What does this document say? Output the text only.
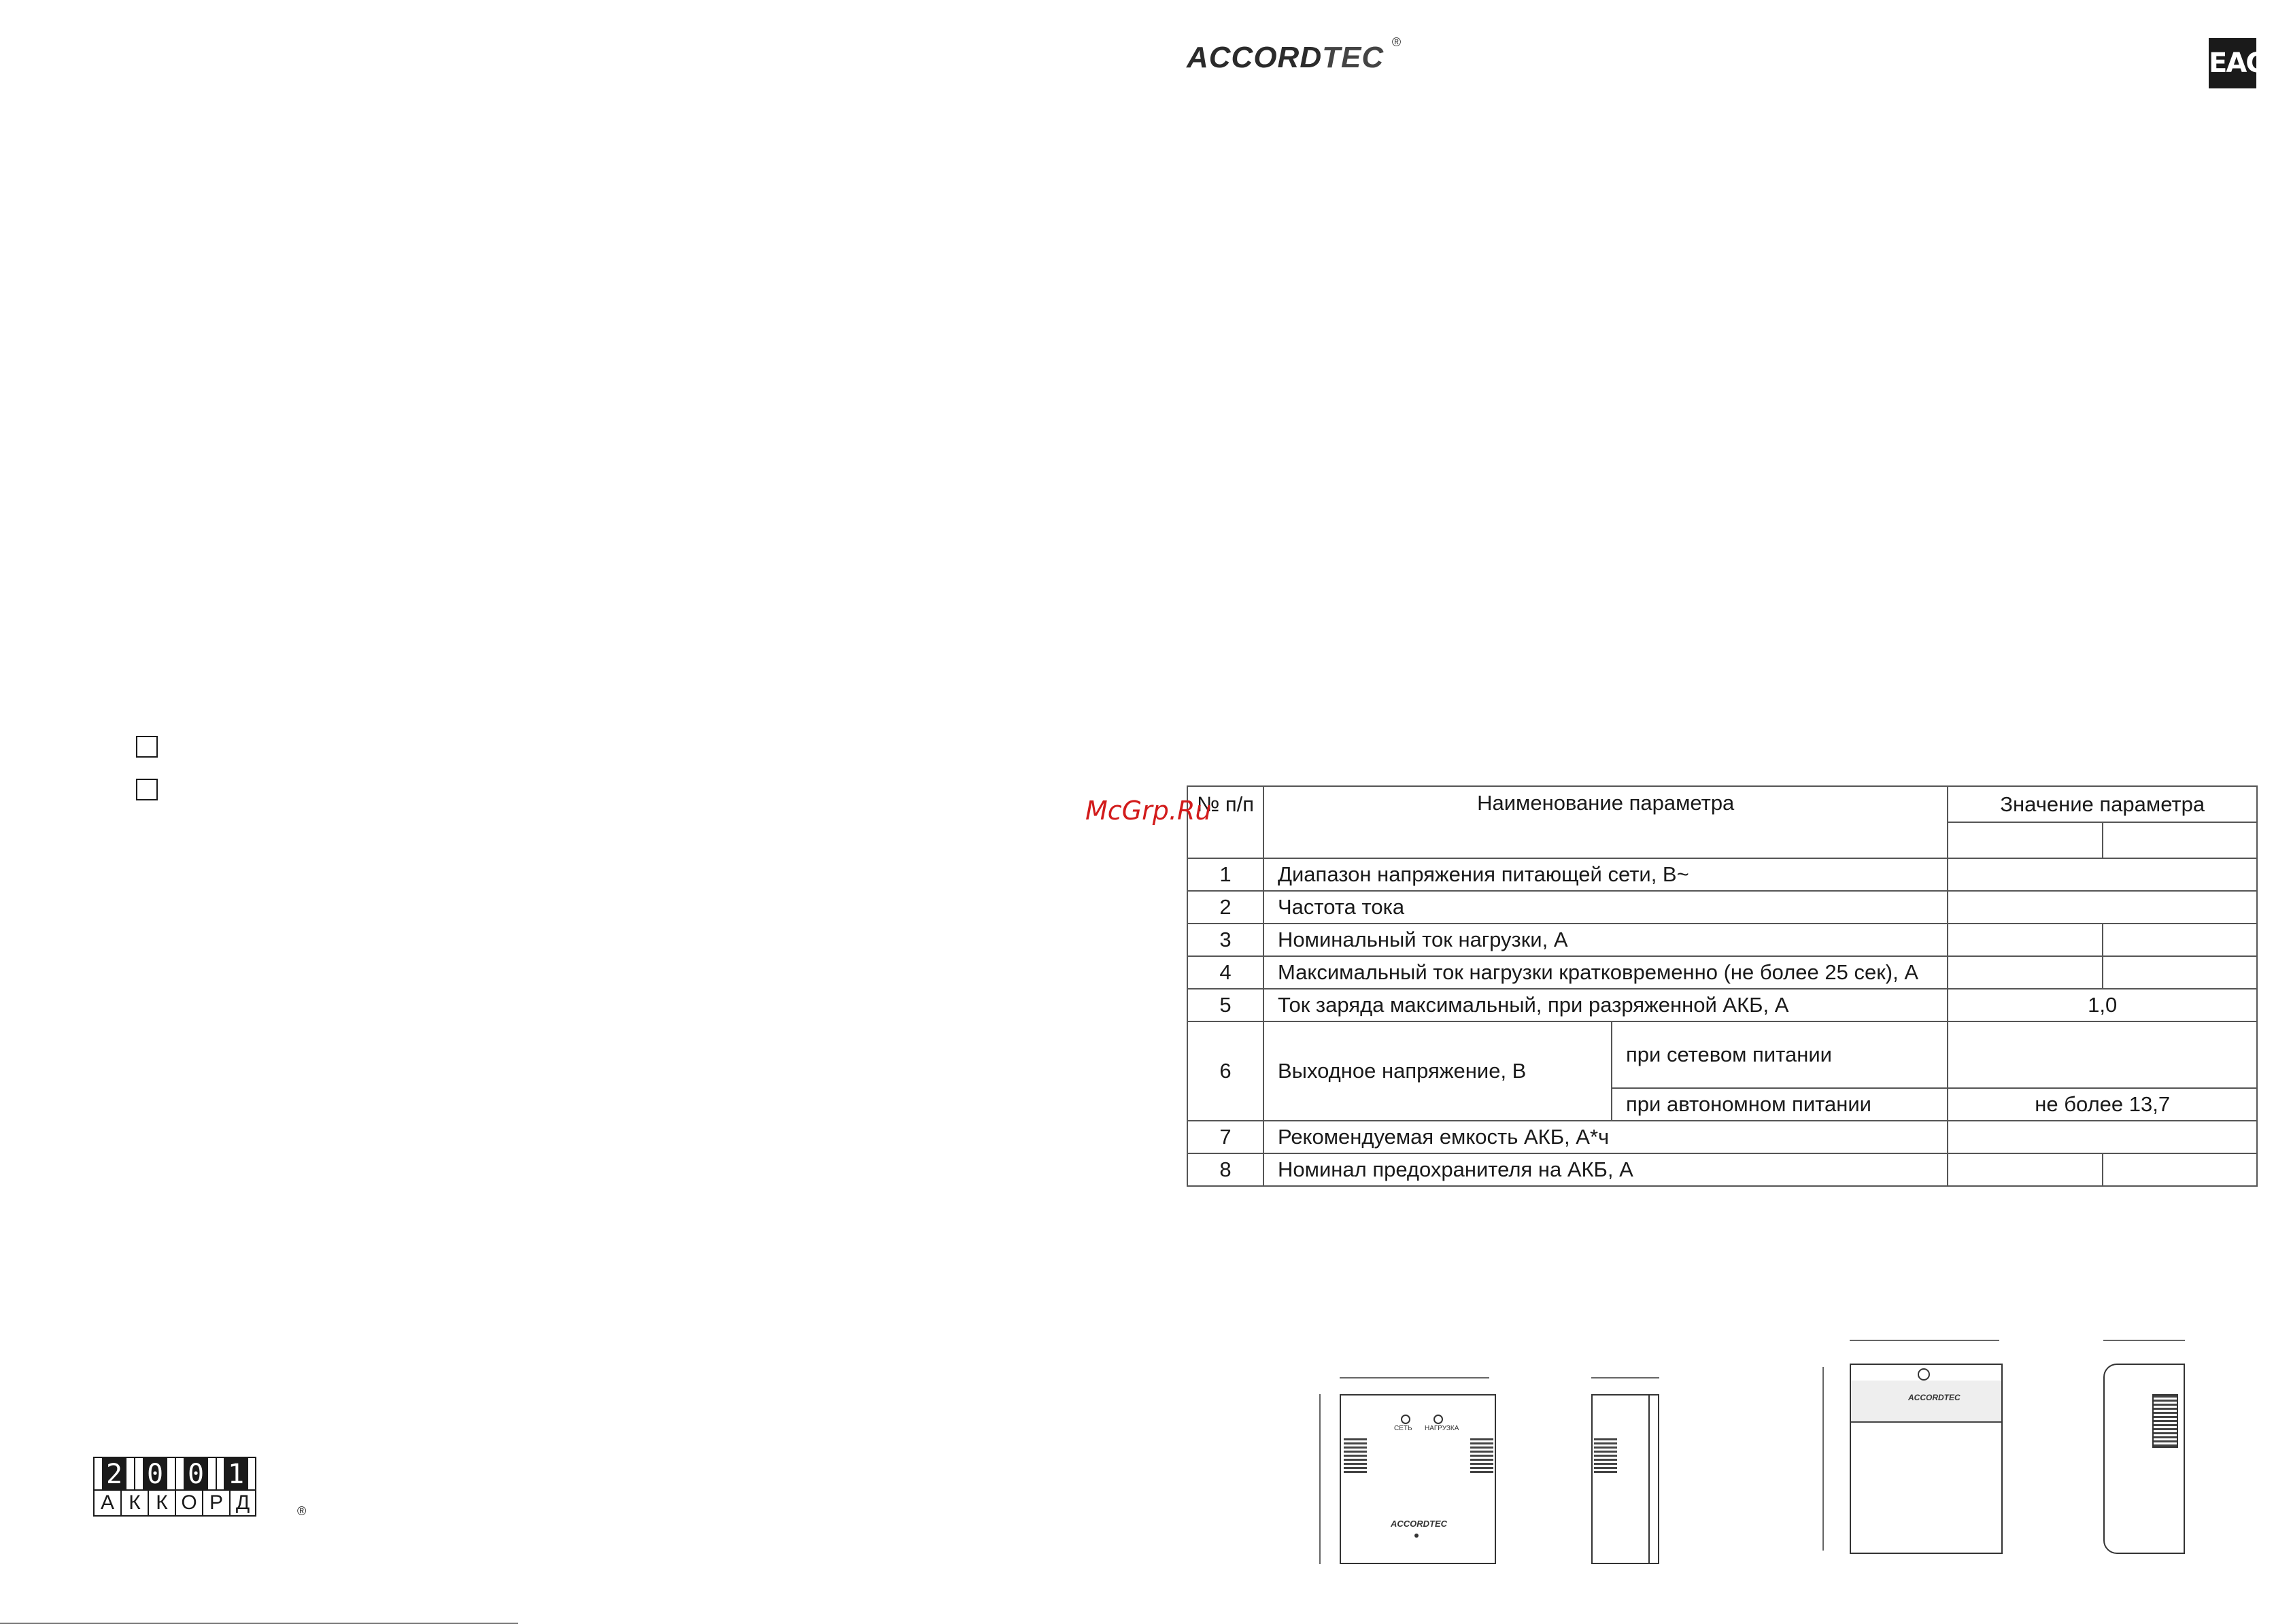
ACCORDTEC ®
EAC
№ п/п	Наименование параметра		Значение параметра	

1	Диапазон напряжения питающей сети, В~			
2	Частота тока			
3	Номинальный ток нагрузки, А			
4	Максимальный ток нагрузки кратковременно (не более 25 сек), А			
5	Ток заряда максимальный, при разряженной АКБ, А		1,0	
6	Выходное напряжение, В	при сетевом питании		
		при автономном питании	не более 13,7	
7	Рекомендуемая емкость АКБ, А*ч			
8	Номинал предохранителя на АКБ, А			
McGrp.Ru
2 0 0 1
А К К О Р Д	®
СЕТЬ НАГРУЗКА
ACCORDTEC
ACCORDTEC
